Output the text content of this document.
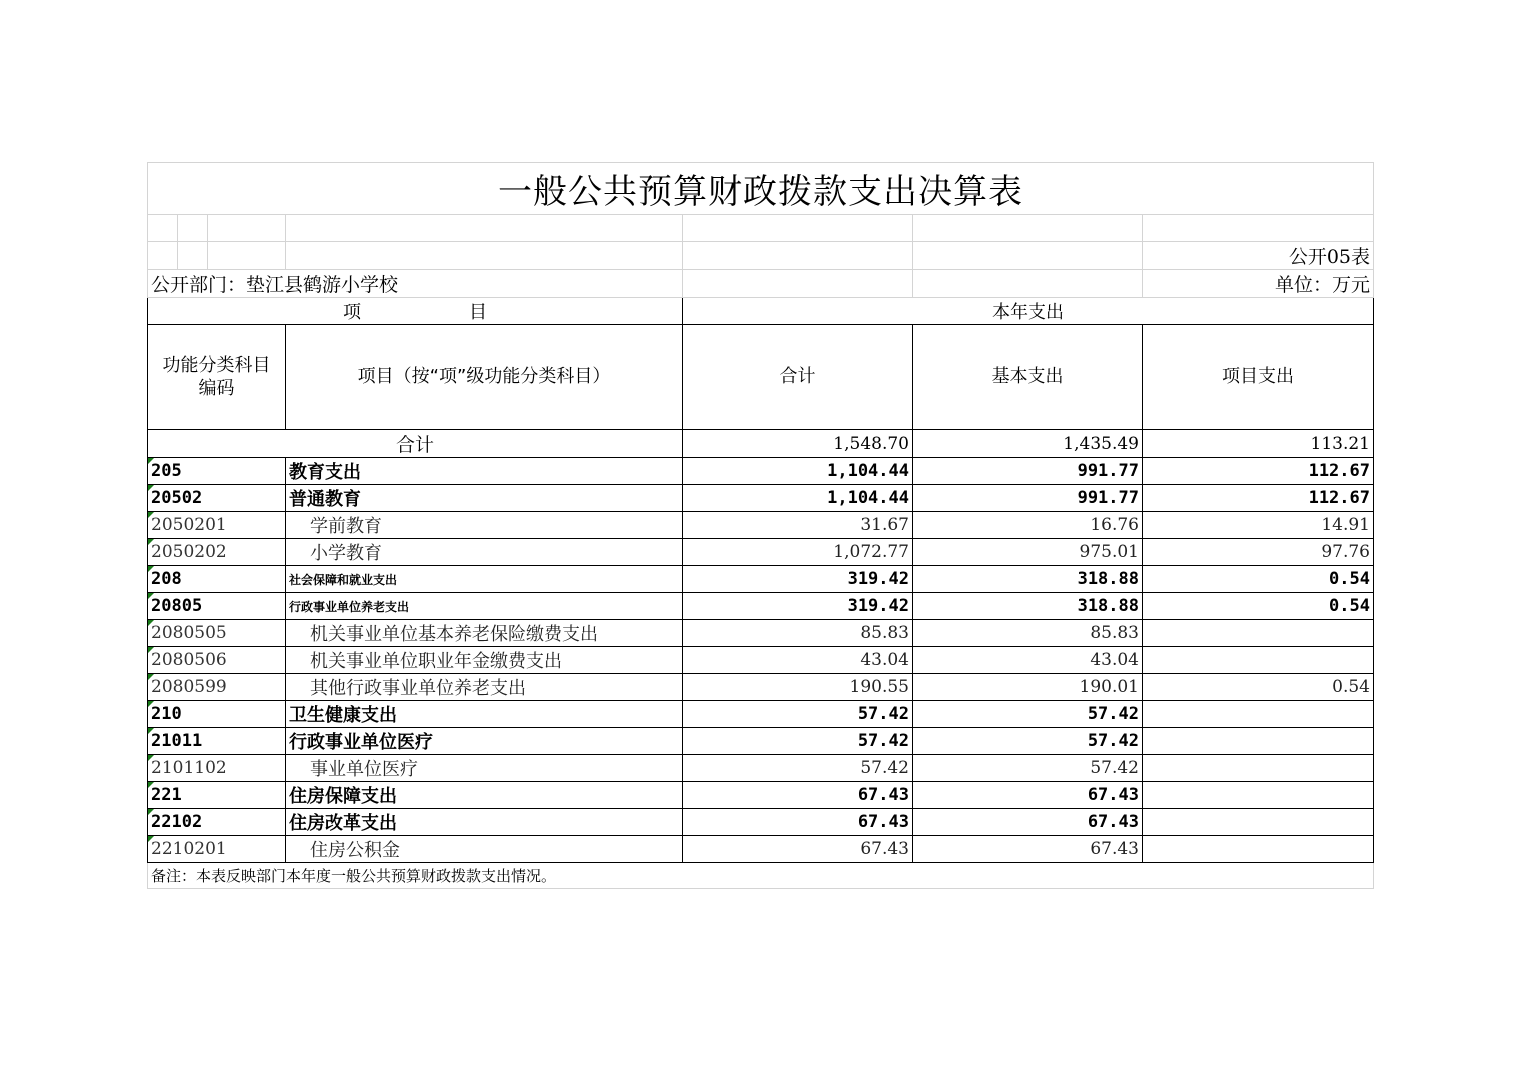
一般公共预算财政拨款支出决算表						

						公开05表
公开部门：垫江县鹤游小学校						单位：万元
项　　　　　　目				本年支出		
功能分类科目编码			项目（按“项”级功能分类科目）	合计	基本支出	项目支出
合计				1,548.70	1,435.49	113.21
205			教育支出	1,104.44	991.77	112.67
20502			普通教育	1,104.44	991.77	112.67
2050201			学前教育	31.67	16.76	14.91
2050202			小学教育	1,072.77	975.01	97.76
208			社会保障和就业支出	319.42	318.88	0.54
20805			行政事业单位养老支出	319.42	318.88	0.54
2080505			机关事业单位基本养老保险缴费支出	85.83	85.83	
2080506			机关事业单位职业年金缴费支出	43.04	43.04	
2080599			其他行政事业单位养老支出	190.55	190.01	0.54
210			卫生健康支出	57.42	57.42	
21011			行政事业单位医疗	57.42	57.42	
2101102			事业单位医疗	57.42	57.42	
221			住房保障支出	67.43	67.43	
22102			住房改革支出	67.43	67.43	
2210201			住房公积金	67.43	67.43	
备注：本表反映部门本年度一般公共预算财政拨款支出情况。						
